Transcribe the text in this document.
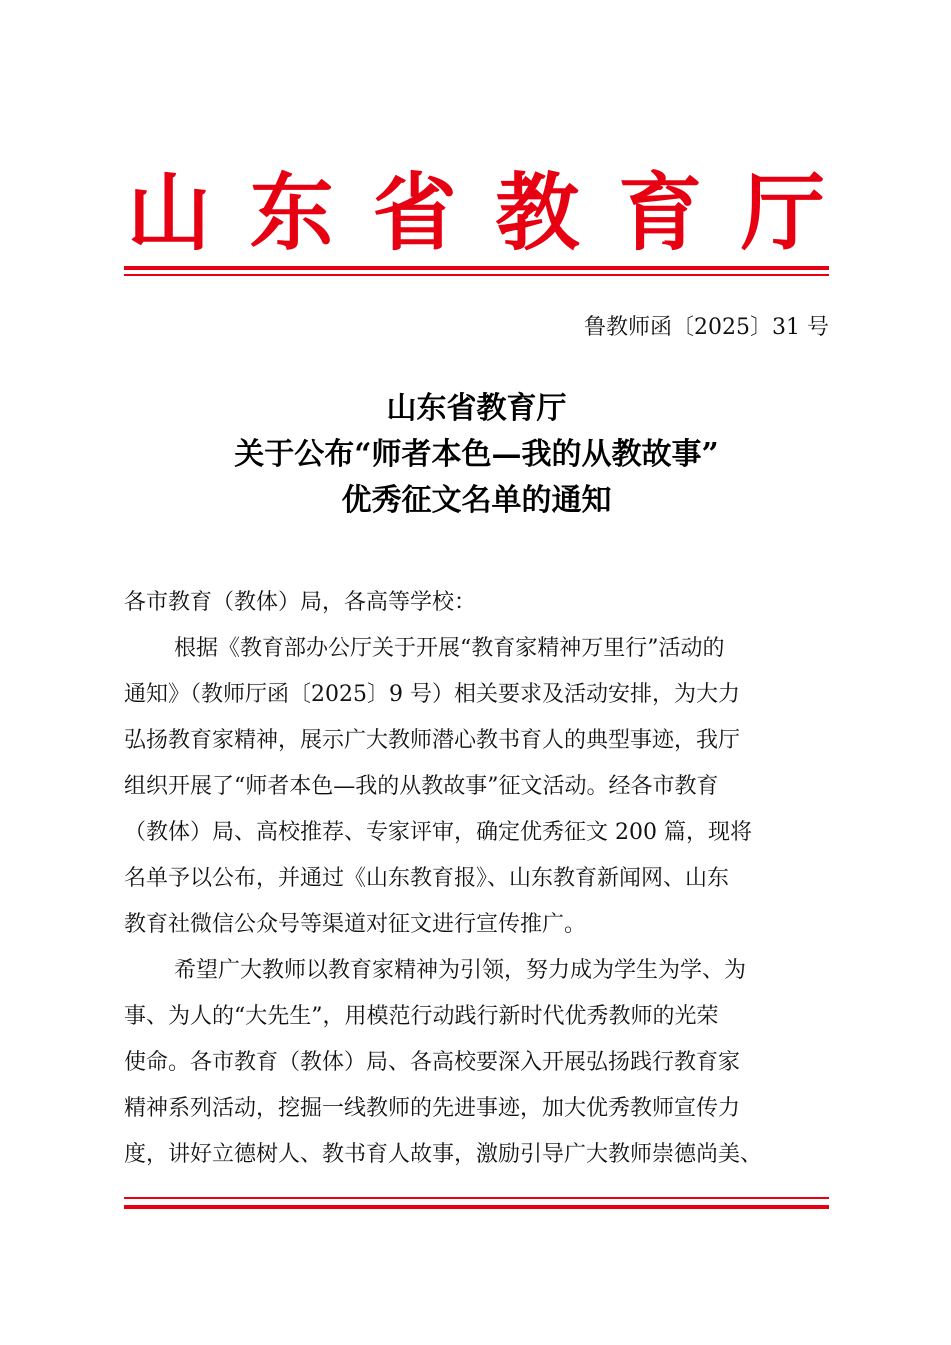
山 东 省 教 育 厅
鲁教师函〔2025〕31 号
山东省教育厅
关于公布“师者本色—我的从教故事”
优秀征文名单的通知
各市教育（教体）局，各高等学校：
根据《教育部办公厅关于开展“教育家精神万里行”活动的
通知》（教师厅函〔2025〕9 号）相关要求及活动安排，为大力
弘扬教育家精神，展示广大教师潜心教书育人的典型事迹，我厅
组织开展了“师者本色—我的从教故事”征文活动。经各市教育
（教体）局、高校推荐、专家评审，确定优秀征文 200 篇，现将
名单予以公布，并通过《山东教育报》、山东教育新闻网、山东
教育社微信公众号等渠道对征文进行宣传推广。
希望广大教师以教育家精神为引领，努力成为学生为学、为
事、为人的“大先生”，用模范行动践行新时代优秀教师的光荣
使命。各市教育（教体）局、各高校要深入开展弘扬践行教育家
精神系列活动，挖掘一线教师的先进事迹，加大优秀教师宣传力
度，讲好立德树人、教书育人故事，激励引导广大教师崇德尚美、
